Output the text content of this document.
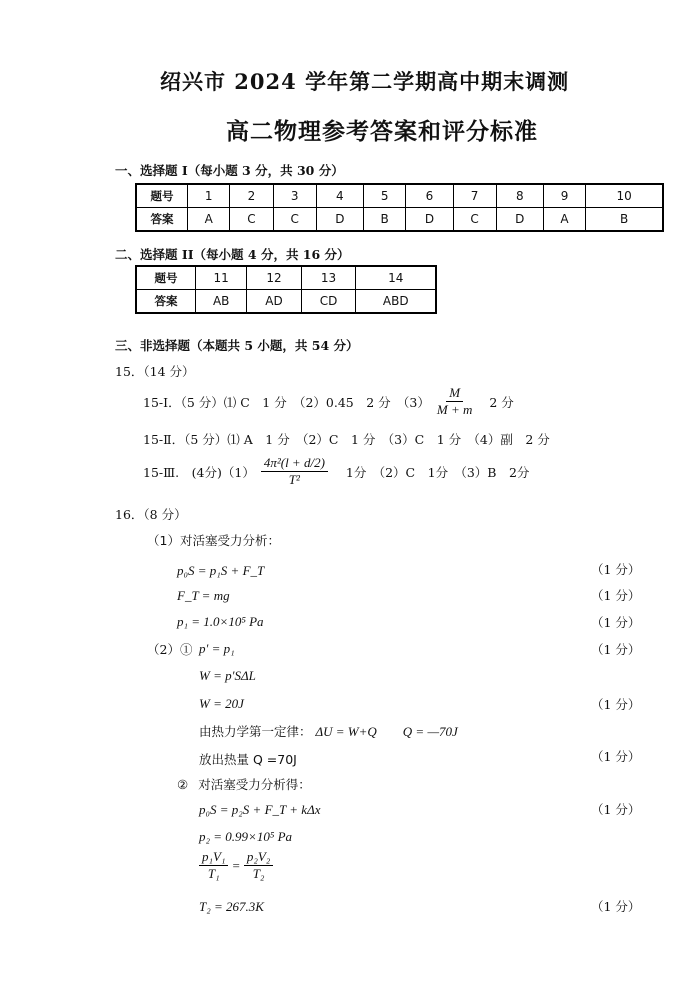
绍兴市 2024 学年第二学期高中期末调测
高二物理参考答案和评分标准
一、选择题 I（每小题 3 分，共 30 分）
题号	1	2	3	4	5	6	7	8	9	10
答案	A	C	C	D	B	D	C	D	A	B
二、选择题 II（每小题 4 分，共 16 分）
题号	11	12	13	14
答案	AB	AD	CD	ABD
三、非选择题（本题共 5 小题，共 54 分）
15．（14 分）
15-Ⅰ．（5 分）⑴ C　1 分　（2）0.45　2 分　$(3) \frac{M}{M + m} 2$ 分
15-Ⅱ．（5 分）⑴ A　1 分　（2）C　1 分　（3）C　1 分　（4）副　2 分
15-Ⅲ.　(4分)$(1) \frac{\text{4π²(l + d/2)}}{\text{T²}} 1$分　（2）C　1分　（3）B　2分
16．（8 分）
（1）对活塞受力分析：
p₀S = p₁S + F_T	（1 分）
F_T = mg	（1 分）
p₁ = 1.0×10⁵ Pa	（1 分）
（2）① p′ = p₁	（1 分）
W = p′SΔL
W = 20J	（1 分）
由热力学第一定律： ΔU = W+Q　　Q = —70J
放出热量 Q =70J	（1 分）
② 对活塞受力分析得：
p₀S = p₂S + F_T + kΔx	（1 分）
p₂ = 0.99×10⁵ Pa
$\frac{\text{p₁V₁}}{\text{T₁}} = \frac{\text{p₂V₂}}{\text{T₂}}$
T₂ = 267.3K	（1 分）
